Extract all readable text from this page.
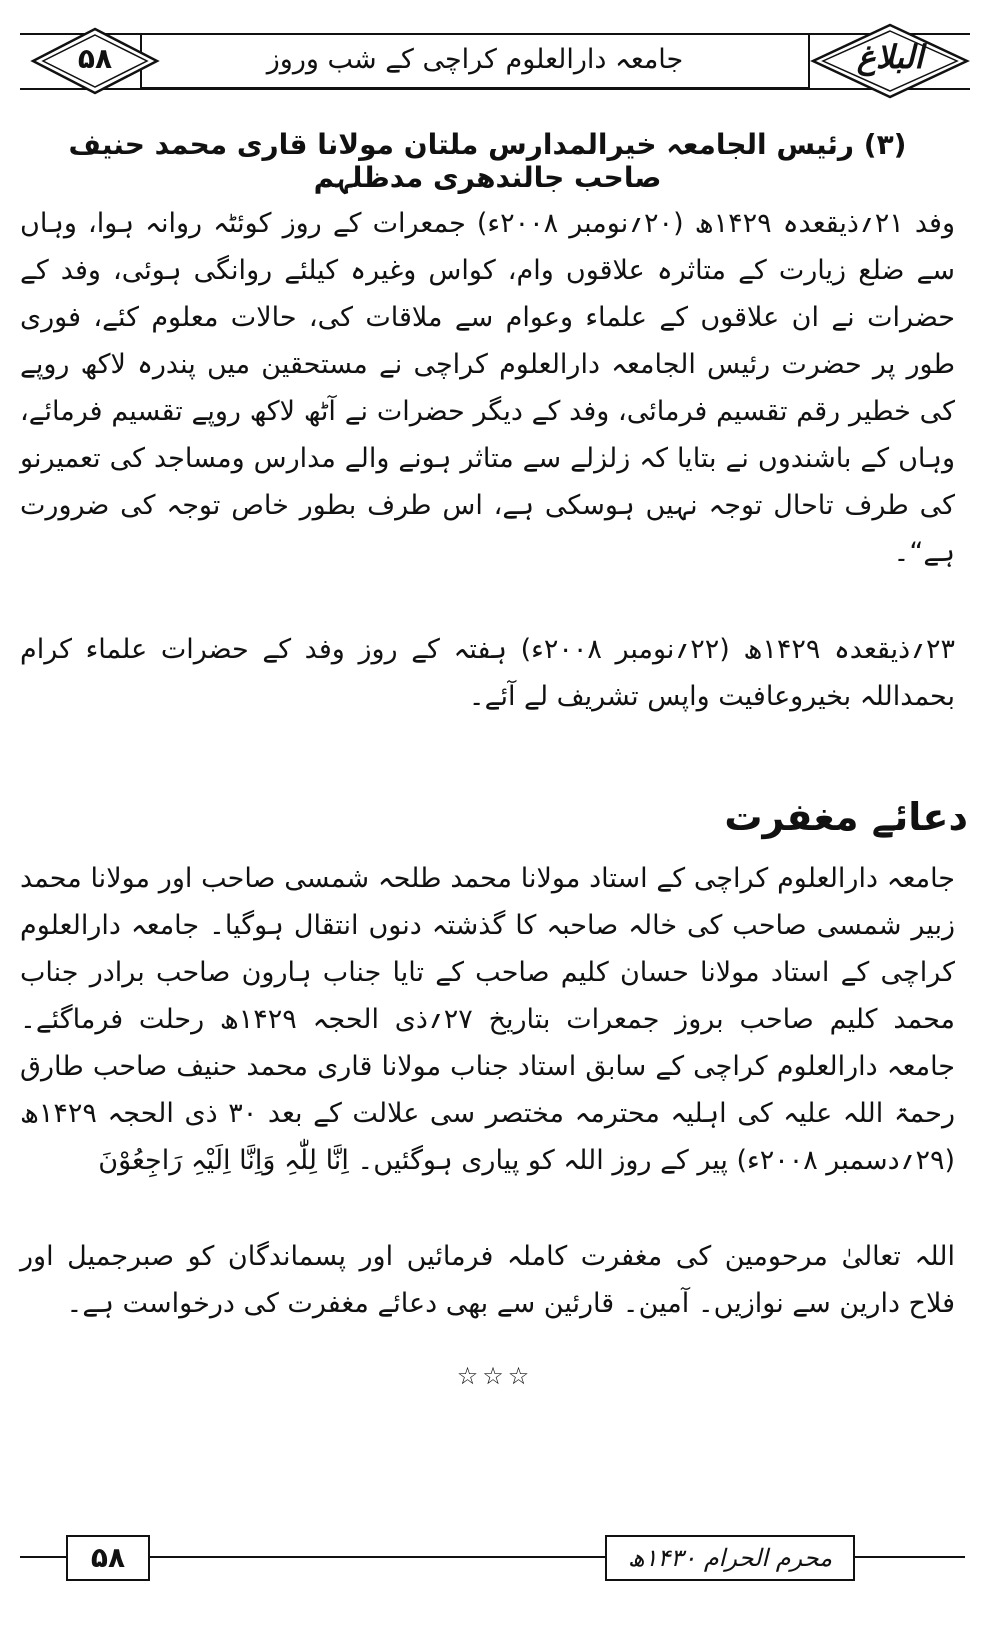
جامعہ دارالعلوم کراچی کے شب وروز
۵۸	البلاغ
(۳) رئیس الجامعہ خیرالمدارس ملتان مولانا قاری محمد حنیف صاحب جالندھری مدظلہم

وفد ۲۱؍ذیقعدہ ۱۴۲۹ھ (۲۰؍نومبر ۲۰۰۸ء) جمعرات کے روز کوئٹہ روانہ ہوا، وہاں سے ضلع زیارت کے متاثرہ علاقوں وام، کواس وغیرہ کیلئے روانگی ہوئی، وفد کے حضرات نے ان علاقوں کے علماء وعوام سے ملاقات کی، حالات معلوم کئے، فوری طور پر حضرت رئیس الجامعہ دارالعلوم کراچی نے مستحقین میں پندرہ لاکھ روپے کی خطیر رقم تقسیم فرمائی، وفد کے دیگر حضرات نے آٹھ لاکھ روپے تقسیم فرمائے، وہاں کے باشندوں نے بتایا کہ زلزلے سے متاثر ہونے والے مدارس ومساجد کی تعمیرنو کی طرف تاحال توجہ نہیں ہوسکی ہے، اس طرف بطور خاص توجہ کی ضرورت ہے“۔

۲۳؍ذیقعدہ ۱۴۲۹ھ (۲۲؍نومبر ۲۰۰۸ء) ہفتہ کے روز وفد کے حضرات علماء کرام بحمداللہ بخیروعافیت واپس تشریف لے آئے۔

دعائے مغفرت

جامعہ دارالعلوم کراچی کے استاد مولانا محمد طلحہ شمسی صاحب اور مولانا محمد زبیر شمسی صاحب کی خالہ صاحبہ کا گذشتہ دنوں انتقال ہوگیا۔ جامعہ دارالعلوم کراچی کے استاد مولانا حسان کلیم صاحب کے تایا جناب ہارون صاحب برادر جناب محمد کلیم صاحب بروز جمعرات بتاریخ ۲۷؍ذی الحجہ ۱۴۲۹ھ رحلت فرماگئے۔ جامعہ دارالعلوم کراچی کے سابق استاد جناب مولانا قاری محمد حنیف صاحب طارق رحمۃ اللہ علیہ کی اہلیہ محترمہ مختصر سی علالت کے بعد ۳۰ ذی الحجہ ۱۴۲۹ھ (۲۹؍دسمبر ۲۰۰۸ء) پیر کے روز اللہ کو پیاری ہوگئیں۔ اِنَّا لِلّٰہِ وَاِنَّا اِلَیْہِ رَاجِعُوْنَ

اللہ تعالیٰ مرحومین کی مغفرت کاملہ فرمائیں اور پسماندگان کو صبرجمیل اور فلاح دارین سے نوازیں۔ آمین۔ قارئین سے بھی دعائے مغفرت کی درخواست ہے۔

☆☆☆
۵۸	محرم الحرام ۱۴۳۰ھ
